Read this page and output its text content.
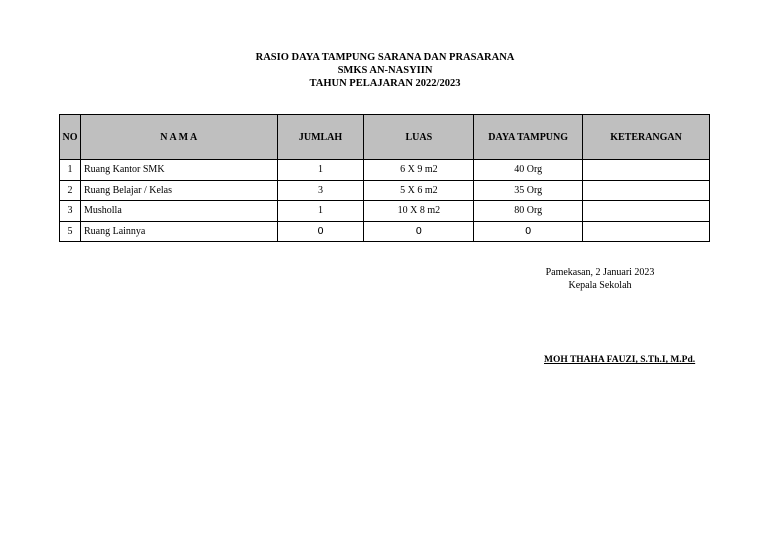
RASIO DAYA TAMPUNG SARANA DAN PRASARANA
SMKS AN-NASYIIN
TAHUN PELAJARAN 2022/2023
NO	N A M A	JUMLAH	LUAS	DAYA TAMPUNG	KETERANGAN
1	Ruang Kantor SMK	1	6 X 9 m2	40 Org	
2	Ruang Belajar / Kelas	3	5 X 6 m2	35 Org	
3	Musholla	1	10 X 8 m2	80 Org	
5	Ruang Lainnya	0	0	0	
Pamekasan, 2 Januari 2023
Kepala Sekolah
MOH THAHA FAUZI, S.Th.I, M.Pd.
